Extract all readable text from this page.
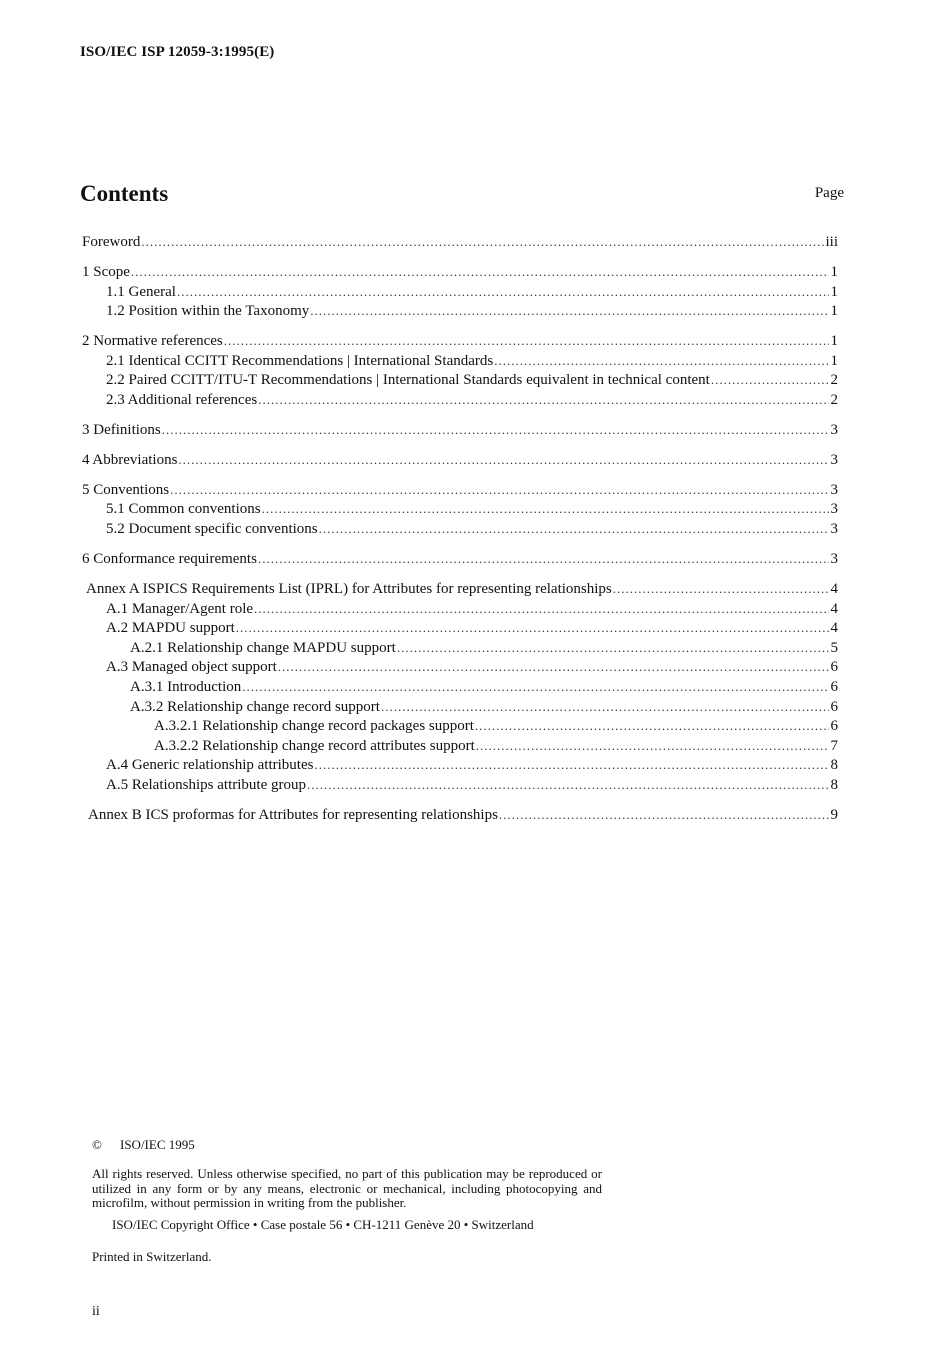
ISO/IEC ISP 12059-3:1995(E)
Contents	Page
Foreword .....	iii
1 Scope .....	1
1.1 General .....	1
1.2 Position within the Taxonomy .....	1
2 Normative references .....	1
2.1 Identical CCITT Recommendations | International Standards .....	1
2.2 Paired CCITT/ITU-T Recommendations | International Standards equivalent in technical content .....	2
2.3 Additional references .....	2
3 Definitions .....	3
4 Abbreviations .....	3
5 Conventions .....	3
5.1 Common conventions .....	3
5.2 Document specific conventions .....	3
6 Conformance requirements .....	3
Annex A ISPICS Requirements List (IPRL) for Attributes for representing relationships .....	4
A.1 Manager/Agent role .....	4
A.2 MAPDU support .....	4
A.2.1 Relationship change MAPDU support .....	5
A.3 Managed object support .....	6
A.3.1 Introduction .....	6
A.3.2 Relationship change record support .....	6
A.3.2.1 Relationship change record packages support .....	6
A.3.2.2 Relationship change record attributes support .....	7
A.4 Generic relationship attributes .....	8
A.5 Relationships attribute group .....	8
Annex B ICS proformas for Attributes for representing relationships .....	9
© ISO/IEC 1995
All rights reserved. Unless otherwise specified, no part of this publication may be reproduced or utilized in any form or by any means, electronic or mechanical, including photocopying and microfilm, without permission in writing from the publisher.
ISO/IEC Copyright Office • Case postale 56 • CH-1211 Genève 20 • Switzerland
Printed in Switzerland.
ii
